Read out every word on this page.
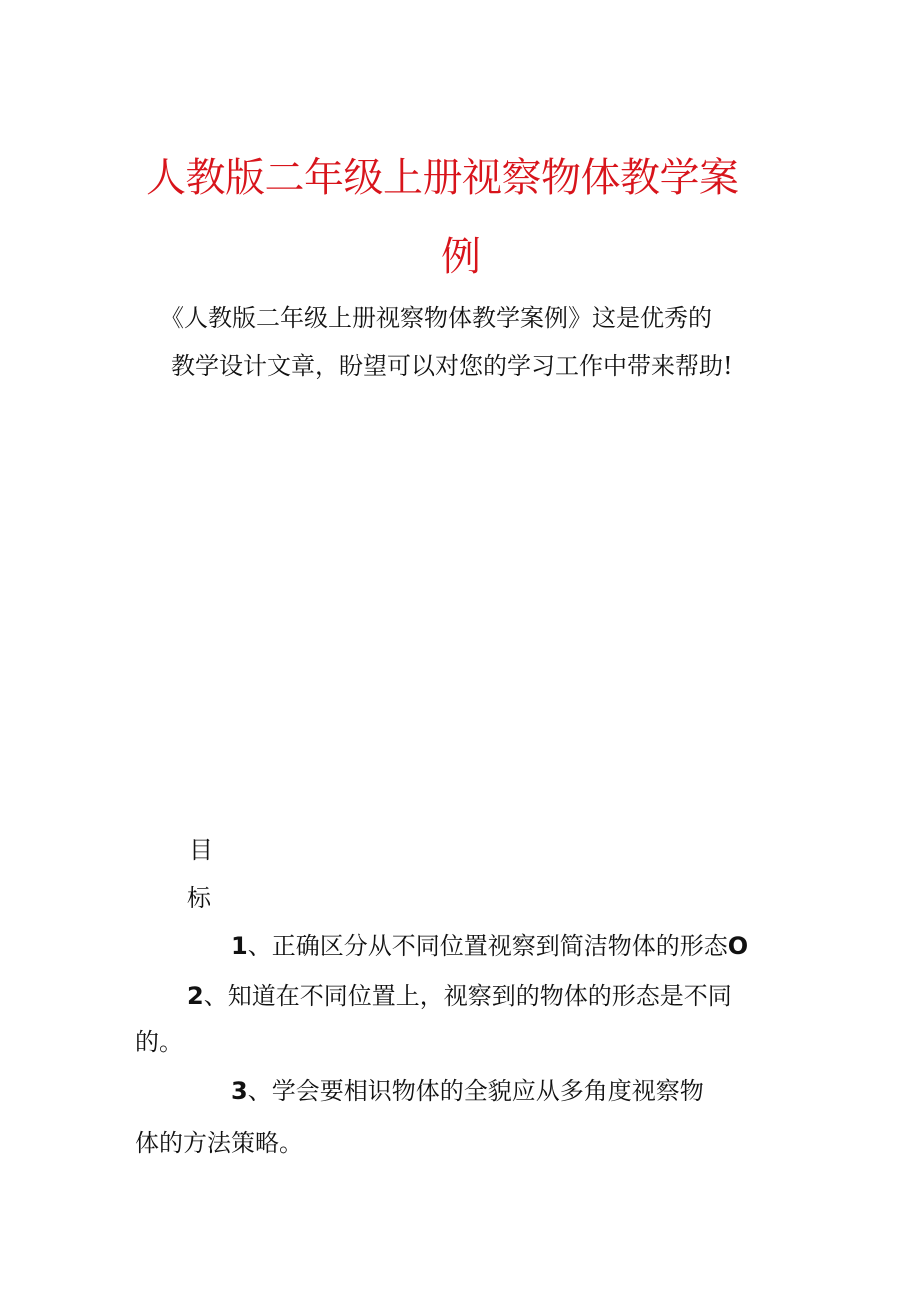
人教版二年级上册视察物体教学案
例
《人教版二年级上册视察物体教学案例》这是优秀的
教学设计文章，盼望可以对您的学习工作中带来帮助!
目
标
1、正确区分从不同位置视察到简洁物体的形态O
2、知道在不同位置上，视察到的物体的形态是不同
的。
3、学会要相识物体的全貌应从多角度视察物
体的方法策略。
